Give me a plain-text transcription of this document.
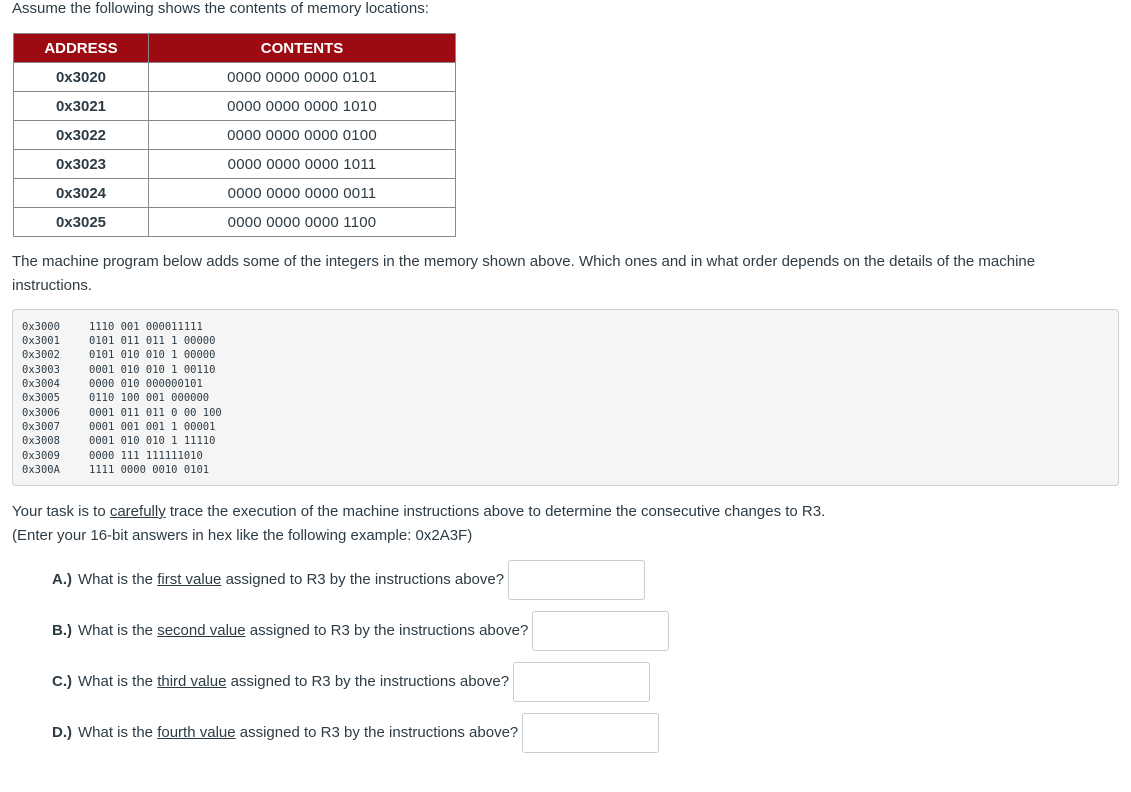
Assume the following shows the contents of memory locations:
ADDRESS	CONTENTS
0x3020	0000 0000 0000 0101
0x3021	0000 0000 0000 1010
0x3022	0000 0000 0000 0100
0x3023	0000 0000 0000 1011
0x3024	0000 0000 0000 0011
0x3025	0000 0000 0000 1100
The machine program below adds some of the integers in the memory shown above. Which ones and in what order depends on the details of the machine instructions.
0x3000	1110 001 000011111
0x3001	0101 011 011 1 00000
0x3002	0101 010 010 1 00000
0x3003	0001 010 010 1 00110
0x3004	0000 010 000000101
0x3005	0110 100 001 000000
0x3006	0001 011 011 0 00 100
0x3007	0001 001 001 1 00001
0x3008	0001 010 010 1 11110
0x3009	0000 111 111111010
0x300A	1111 0000 0010 0101
Your task is to carefully trace the execution of the machine instructions above to determine the consecutive changes to R3.
(Enter your 16-bit answers in hex like the following example: 0x2A3F)
A.) What is the first value assigned to R3 by the instructions above?
B.) What is the second value assigned to R3 by the instructions above?
C.) What is the third value assigned to R3 by the instructions above?
D.) What is the fourth value assigned to R3 by the instructions above?
